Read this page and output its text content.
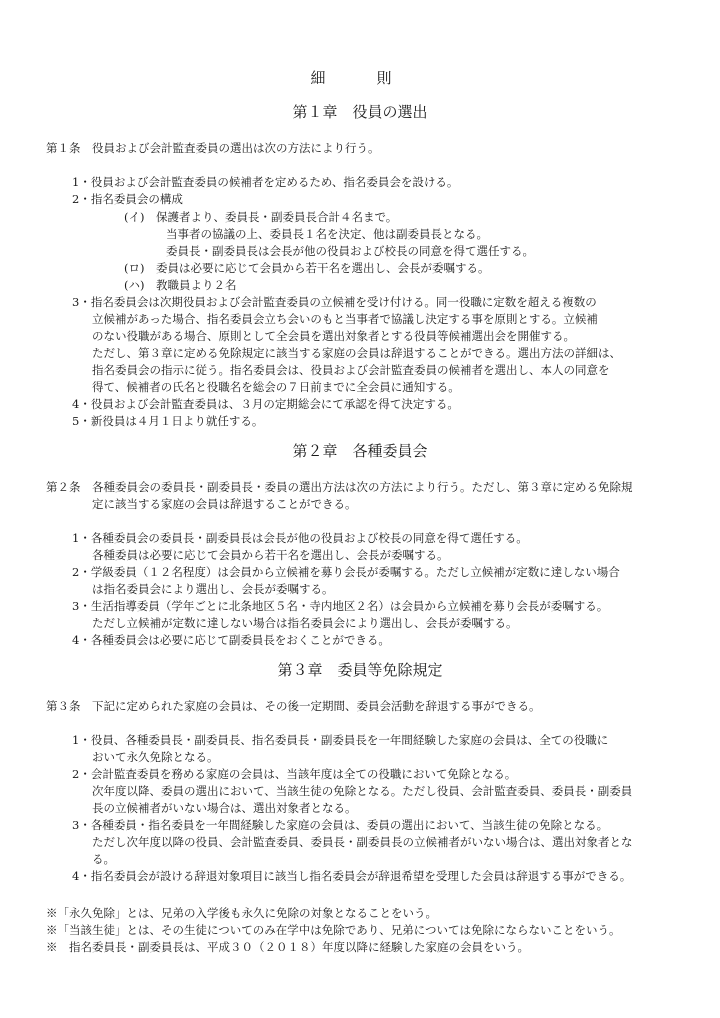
細　則
第１章　役員の選出
第１条　役員および会計監査委員の選出は次の方法により行う。
1・役員および会計監査委員の候補者を定めるため、指名委員会を設ける。
2・指名委員会の構成
(イ)　保護者より、委員長・副委員長合計４名まで。
当事者の協議の上、委員長１名を決定、他は副委員長となる。
委員長・副委員長は会長が他の役員および校長の同意を得て選任する。
(ロ)　委員は必要に応じて会員から若干名を選出し、会長が委嘱する。
(ハ)　教職員より２名
3・指名委員会は次期役員および会計監査委員の立候補を受け付ける。同一役職に定数を超える複数の
立候補があった場合、指名委員会立ち会いのもと当事者で協議し決定する事を原則とする。立候補
のない役職がある場合、原則として全会員を選出対象者とする役員等候補選出会を開催する。
ただし、第３章に定める免除規定に該当する家庭の会員は辞退することができる。選出方法の詳細は、
指名委員会の指示に従う。指名委員会は、役員および会計監査委員の候補者を選出し、本人の同意を
得て、候補者の氏名と役職名を総会の７日前までに全会員に通知する。
4・役員および会計監査委員は、３月の定期総会にて承認を得て決定する。
5・新役員は４月１日より就任する。
第２章　各種委員会
第２条　各種委員会の委員長・副委員長・委員の選出方法は次の方法により行う。ただし、第３章に定める免除規
定に該当する家庭の会員は辞退することができる。
1・各種委員会の委員長・副委員長は会長が他の役員および校長の同意を得て選任する。
各種委員は必要に応じて会員から若干名を選出し、会長が委嘱する。
2・学級委員（１２名程度）は会員から立候補を募り会長が委嘱する。ただし立候補が定数に達しない場合
は指名委員会により選出し、会長が委嘱する。
3・生活指導委員（学年ごとに北条地区５名・寺内地区２名）は会員から立候補を募り会長が委嘱する。
ただし立候補が定数に達しない場合は指名委員会により選出し、会長が委嘱する。
4・各種委員会は必要に応じて副委員長をおくことができる。
第３章　委員等免除規定
第３条　下記に定められた家庭の会員は、その後一定期間、委員会活動を辞退する事ができる。
1・役員、各種委員長・副委員長、指名委員長・副委員長を一年間経験した家庭の会員は、全ての役職に
おいて永久免除となる。
2・会計監査委員を務める家庭の会員は、当該年度は全ての役職において免除となる。
次年度以降、委員の選出において、当該生徒の免除となる。ただし役員、会計監査委員、委員長・副委員
長の立候補者がいない場合は、選出対象者となる。
3・各種委員・指名委員を一年間経験した家庭の会員は、委員の選出において、当該生徒の免除となる。
ただし次年度以降の役員、会計監査委員、委員長・副委員長の立候補者がいない場合は、選出対象者とな
る。
4・指名委員会が設ける辞退対象項目に該当し指名委員会が辞退希望を受理した会員は辞退する事ができる。
※「永久免除」とは、兄弟の入学後も永久に免除の対象となることをいう。
※「当該生徒」とは、その生徒についてのみ在学中は免除であり、兄弟については免除にならないことをいう。
※　指名委員長・副委員長は、平成３０（２０１８）年度以降に経験した家庭の会員をいう。
